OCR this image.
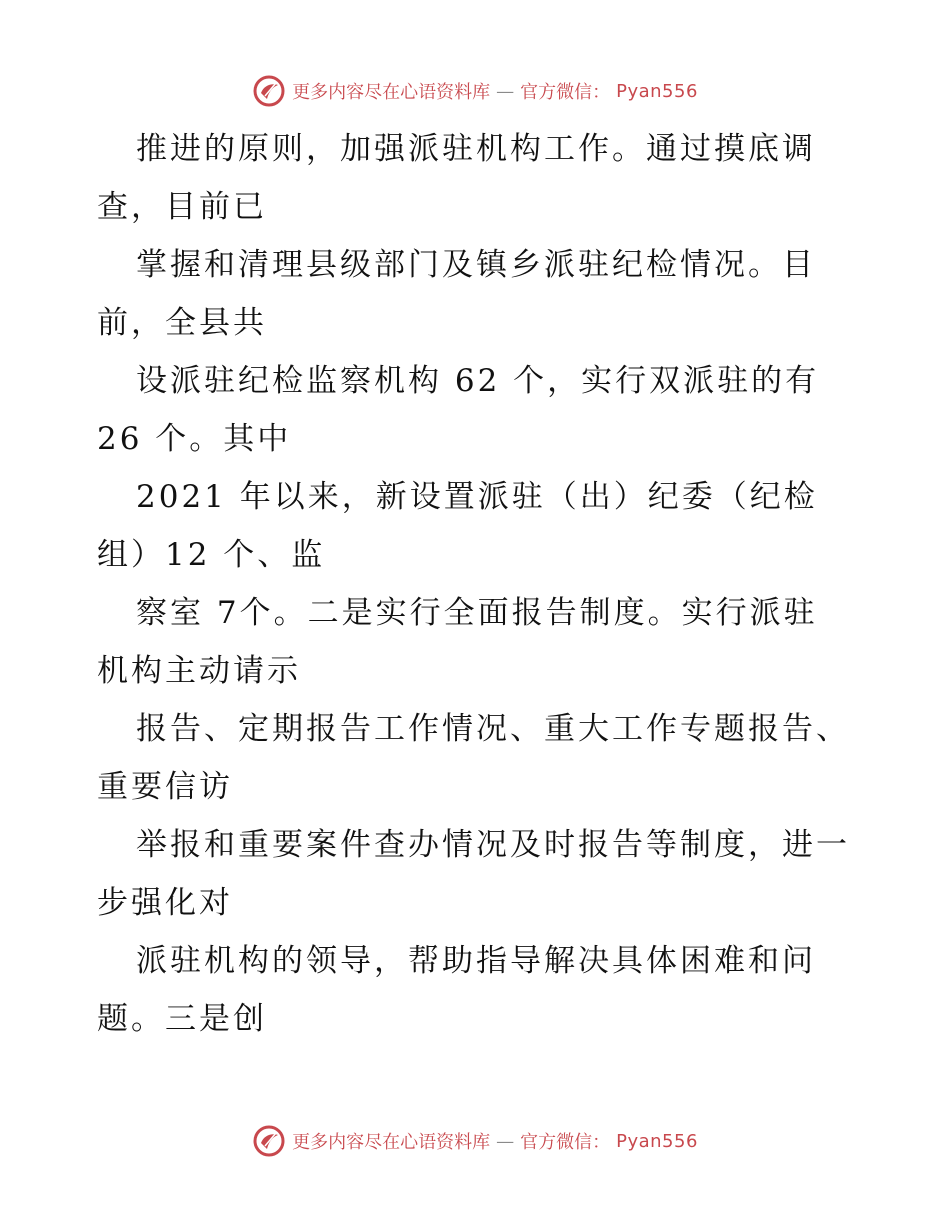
更多内容尽在心语资料库 — 官方微信： Pyan556
推进的原则，加强派驻机构工作。通过摸底调
查，目前已
掌握和清理县级部门及镇乡派驻纪检情况。目
前，全县共
设派驻纪检监察机构 62 个，实行双派驻的有
26 个。其中
2021 年以来，新设置派驻（出）纪委（纪检
组）12 个、监
察室 7个。二是实行全面报告制度。实行派驻
机构主动请示
报告、定期报告工作情况、重大工作专题报告、
重要信访
举报和重要案件查办情况及时报告等制度，进一
步强化对
派驻机构的领导，帮助指导解决具体困难和问
题。三是创
更多内容尽在心语资料库 — 官方微信： Pyan556
